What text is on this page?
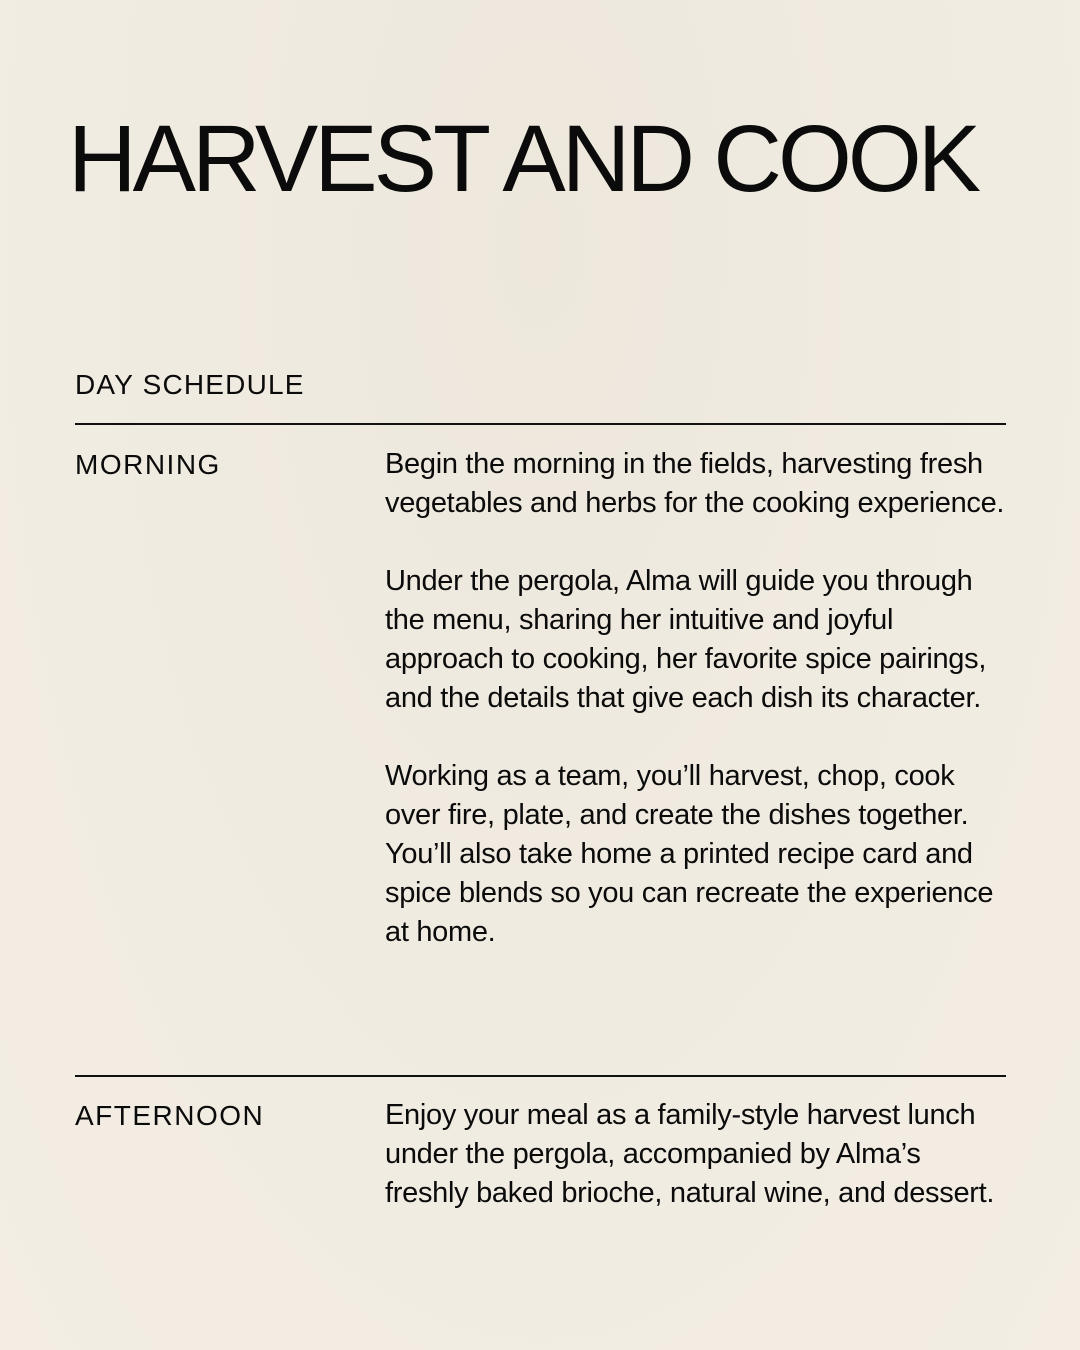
HARVEST AND COOK
DAY SCHEDULE
MORNING	Begin the morning in the fields, harvesting fresh vegetables and herbs for the cooking experience.

Under the pergola, Alma will guide you through the menu, sharing her intuitive and joyful approach to cooking, her favorite spice pairings, and the details that give each dish its character.

Working as a team, you’ll harvest, chop, cook over fire, plate, and create the dishes together. You’ll also take home a printed recipe card and spice blends so you can recreate the experience at home.

AFTERNOON	Enjoy your meal as a family-style harvest lunch under the pergola, accompanied by Alma’s freshly baked brioche, natural wine, and dessert.
